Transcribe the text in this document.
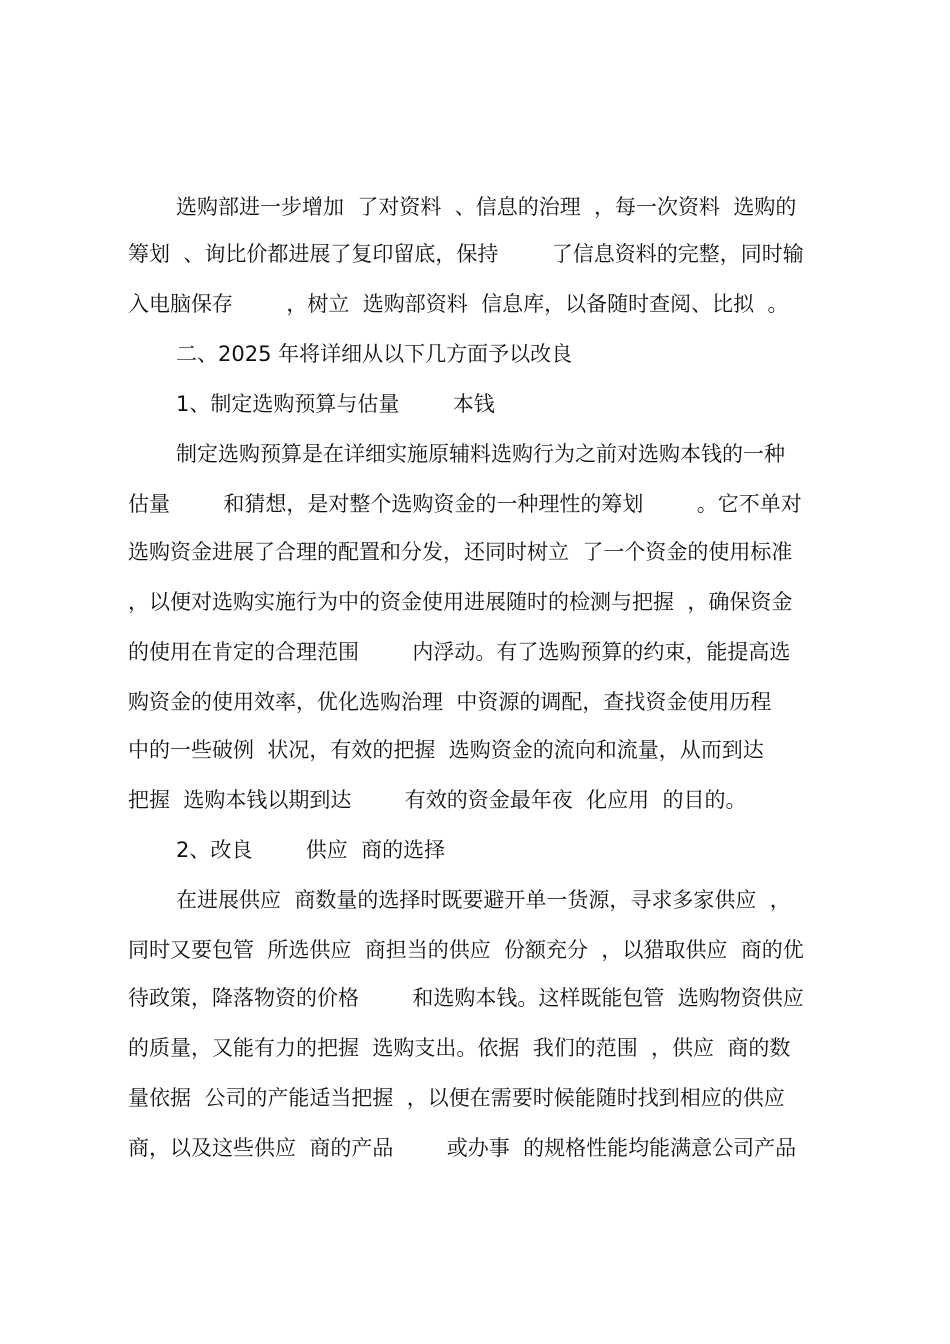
选购部进一步增加  了对资料  、信息的治理  ，每一次资料  选购的
筹划  、询比价都进展了复印留底，保持        了信息资料的完整，同时输
入电脑保存        ，树立  选购部资料  信息库，以备随时查阅、比拟  。
二、2025 年将详细从以下几方面予以改良
1、制定选购预算与估量        本钱
制定选购预算是在详细实施原辅料选购行为之前对选购本钱的一种
估量        和猜想，是对整个选购资金的一种理性的筹划        。它不单对
选购资金进展了合理的配置和分发，还同时树立  了一个资金的使用标准
，以便对选购实施行为中的资金使用进展随时的检测与把握  ，确保资金
的使用在肯定的合理范围        内浮动。有了选购预算的约束，能提高选
购资金的使用效率，优化选购治理  中资源的调配，查找资金使用历程
中的一些破例  状况，有效的把握  选购资金的流向和流量，从而到达
把握  选购本钱以期到达        有效的资金最年夜  化应用  的目的。
2、改良        供应  商的选择
在进展供应  商数量的选择时既要避开单一货源，寻求多家供应  ，
同时又要包管  所选供应  商担当的供应  份额充分  ，以猎取供应  商的优
待政策，降落物资的价格        和选购本钱。这样既能包管  选购物资供应
的质量，又能有力的把握  选购支出。依据  我们的范围  ，供应  商的数
量依据  公司的产能适当把握  ，以便在需要时候能随时找到相应的供应
商，以及这些供应  商的产品        或办事  的规格性能均能满意公司产品
